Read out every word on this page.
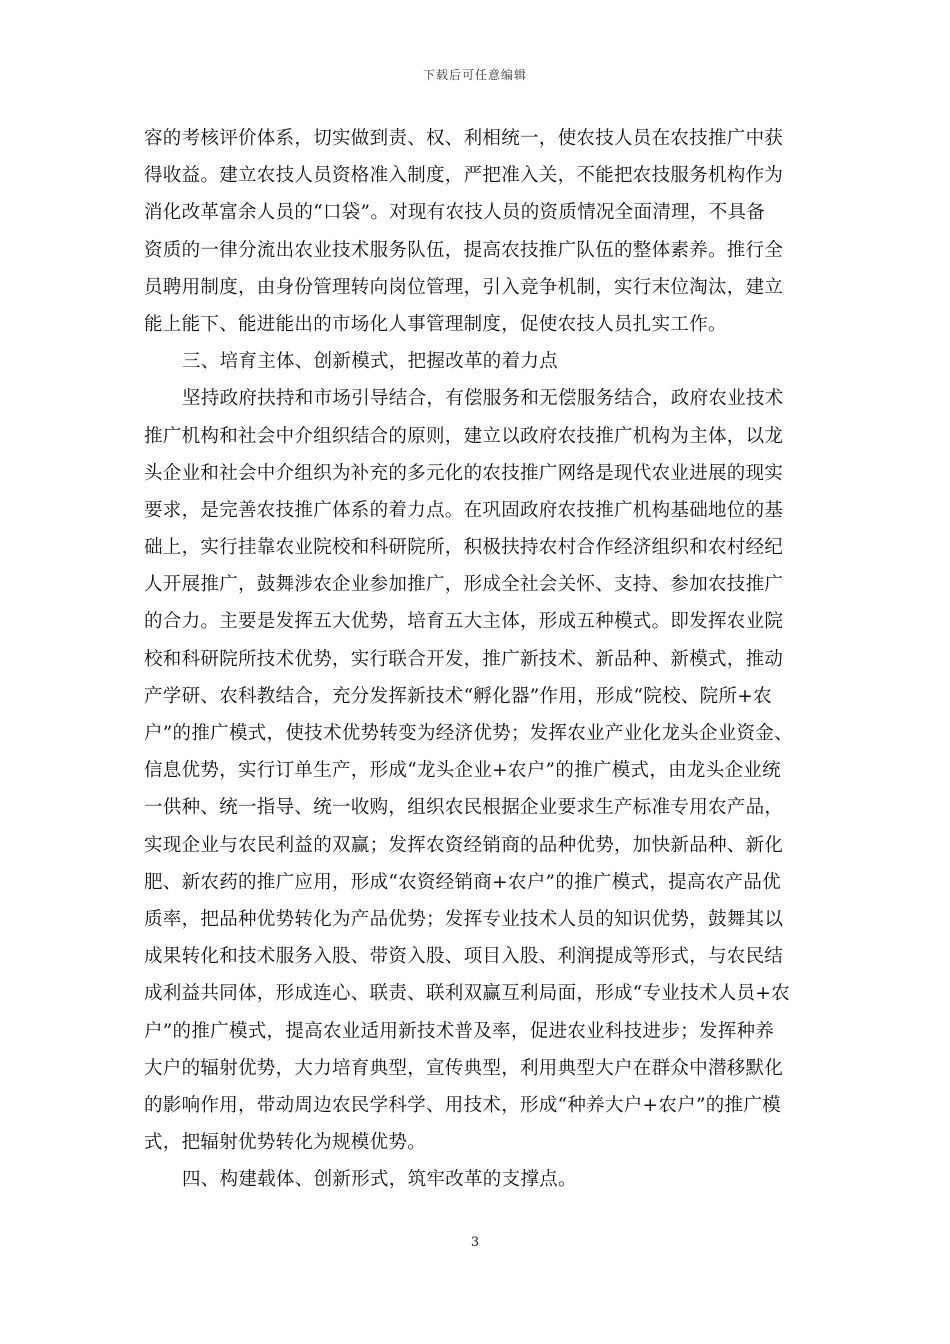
下载后可任意编辑
容的考核评价体系，切实做到责、权、利相统一，使农技人员在农技推广中获
得收益。建立农技人员资格准入制度，严把准入关，不能把农技服务机构作为
消化改革富余人员的“口袋”。对现有农技人员的资质情况全面清理，不具备
资质的一律分流出农业技术服务队伍，提高农技推广队伍的整体素养。推行全
员聘用制度，由身份管理转向岗位管理，引入竞争机制，实行末位淘汰，建立
能上能下、能进能出的市场化人事管理制度，促使农技人员扎实工作。
三、培育主体、创新模式，把握改革的着力点
坚持政府扶持和市场引导结合，有偿服务和无偿服务结合，政府农业技术
推广机构和社会中介组织结合的原则，建立以政府农技推广机构为主体，以龙
头企业和社会中介组织为补充的多元化的农技推广网络是现代农业进展的现实
要求，是完善农技推广体系的着力点。在巩固政府农技推广机构基础地位的基
础上，实行挂靠农业院校和科研院所，积极扶持农村合作经济组织和农村经纪
人开展推广，鼓舞涉农企业参加推广，形成全社会关怀、支持、参加农技推广
的合力。主要是发挥五大优势，培育五大主体，形成五种模式。即发挥农业院
校和科研院所技术优势，实行联合开发，推广新技术、新品种、新模式，推动
产学研、农科教结合，充分发挥新技术“孵化器”作用，形成“院校、院所+农
户”的推广模式，使技术优势转变为经济优势；发挥农业产业化龙头企业资金、
信息优势，实行订单生产，形成“龙头企业+农户”的推广模式，由龙头企业统
一供种、统一指导、统一收购，组织农民根据企业要求生产标准专用农产品，
实现企业与农民利益的双赢；发挥农资经销商的品种优势，加快新品种、新化
肥、新农药的推广应用，形成“农资经销商+农户”的推广模式，提高农产品优
质率，把品种优势转化为产品优势；发挥专业技术人员的知识优势，鼓舞其以
成果转化和技术服务入股、带资入股、项目入股、利润提成等形式，与农民结
成利益共同体，形成连心、联责、联利双赢互利局面，形成“专业技术人员+农
户”的推广模式，提高农业适用新技术普及率，促进农业科技进步；发挥种养
大户的辐射优势，大力培育典型，宣传典型，利用典型大户在群众中潜移默化
的影响作用，带动周边农民学科学、用技术，形成“种养大户+农户”的推广模
式，把辐射优势转化为规模优势。
四、构建载体、创新形式，筑牢改革的支撑点。
3
